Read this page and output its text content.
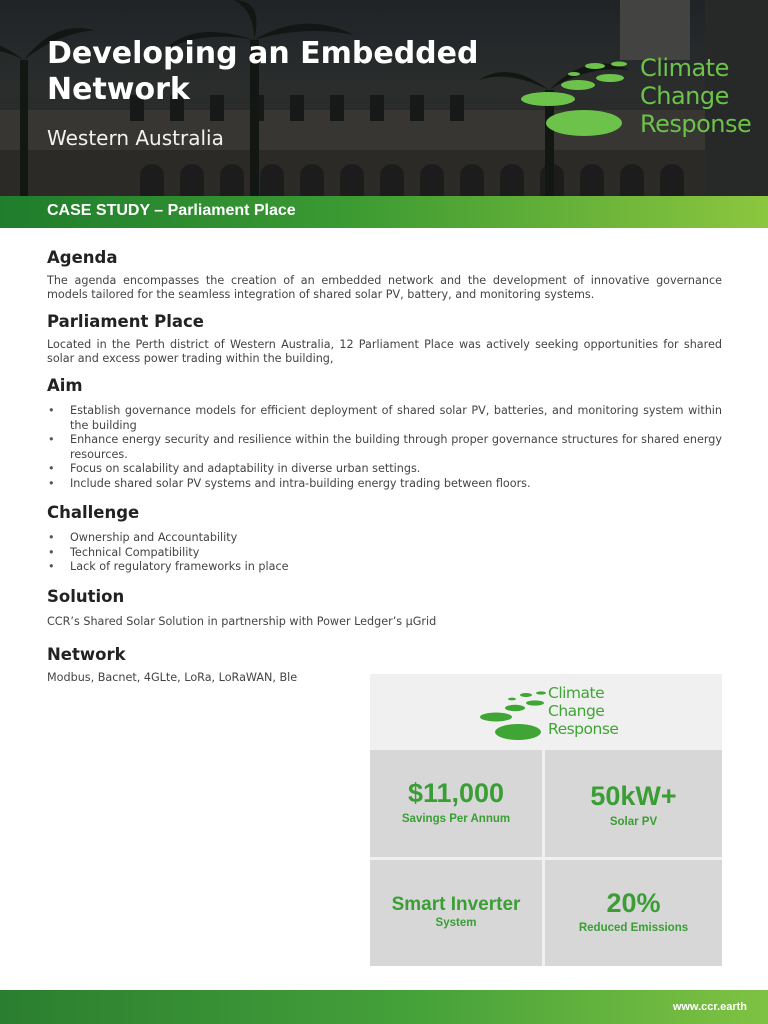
Developing an Embedded Network
Western Australia
Climate
Change
Response
CASE STUDY – Parliament Place
Agenda

The agenda encompasses the creation of an embedded network and the development of innovative governance models tailored for the seamless integration of shared solar PV, battery, and monitoring systems.

Parliament Place

Located in the Perth district of Western Australia, 12 Parliament Place was actively seeking opportunities for shared solar and excess power trading within the building,

Aim
• Establish governance models for efficient deployment of shared solar PV, batteries, and monitoring system within the building
• Enhance energy security and resilience within the building through proper governance structures for shared energy resources.
• Focus on scalability and adaptability in diverse urban settings.
• Include shared solar PV systems and intra-building energy trading between floors.
Challenge
• Ownership and Accountability
• Technical Compatibility
• Lack of regulatory frameworks in place
Solution

CCR’s Shared Solar Solution in partnership with Power Ledger’s µGrid

Network

Modbus, Bacnet, 4GLte, LoRa, LoRaWAN, Ble

Climate
Change
Response
$11,000
Savings Per Annum
50kW+
Solar PV
Smart Inverter
System
20%
Reduced Emissions
www.ccr.earth
